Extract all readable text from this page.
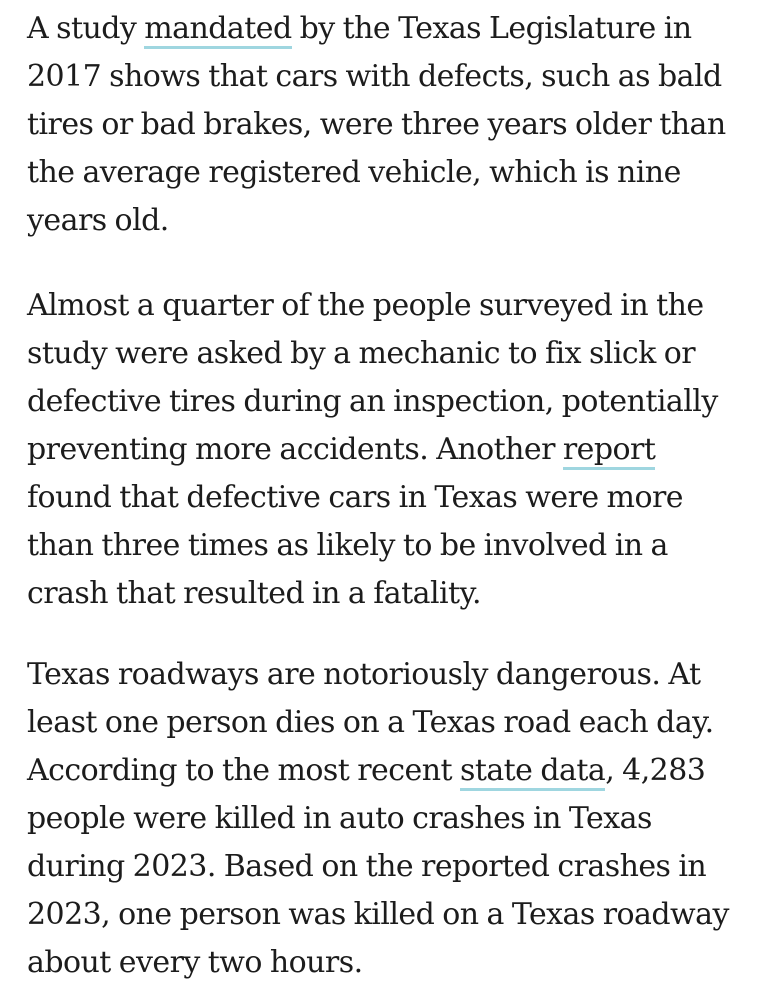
A study mandated by the Texas Legislature in
2017 shows that cars with defects, such as bald
tires or bad brakes, were three years older than
the average registered vehicle, which is nine
years old.

Almost a quarter of the people surveyed in the
study were asked by a mechanic to fix slick or
defective tires during an inspection, potentially
preventing more accidents. Another report
found that defective cars in Texas were more
than three times as likely to be involved in a
crash that resulted in a fatality.

Texas roadways are notoriously dangerous. At
least one person dies on a Texas road each day.
According to the most recent state data, 4,283
people were killed in auto crashes in Texas
during 2023. Based on the reported crashes in
2023, one person was killed on a Texas roadway
about every two hours.
